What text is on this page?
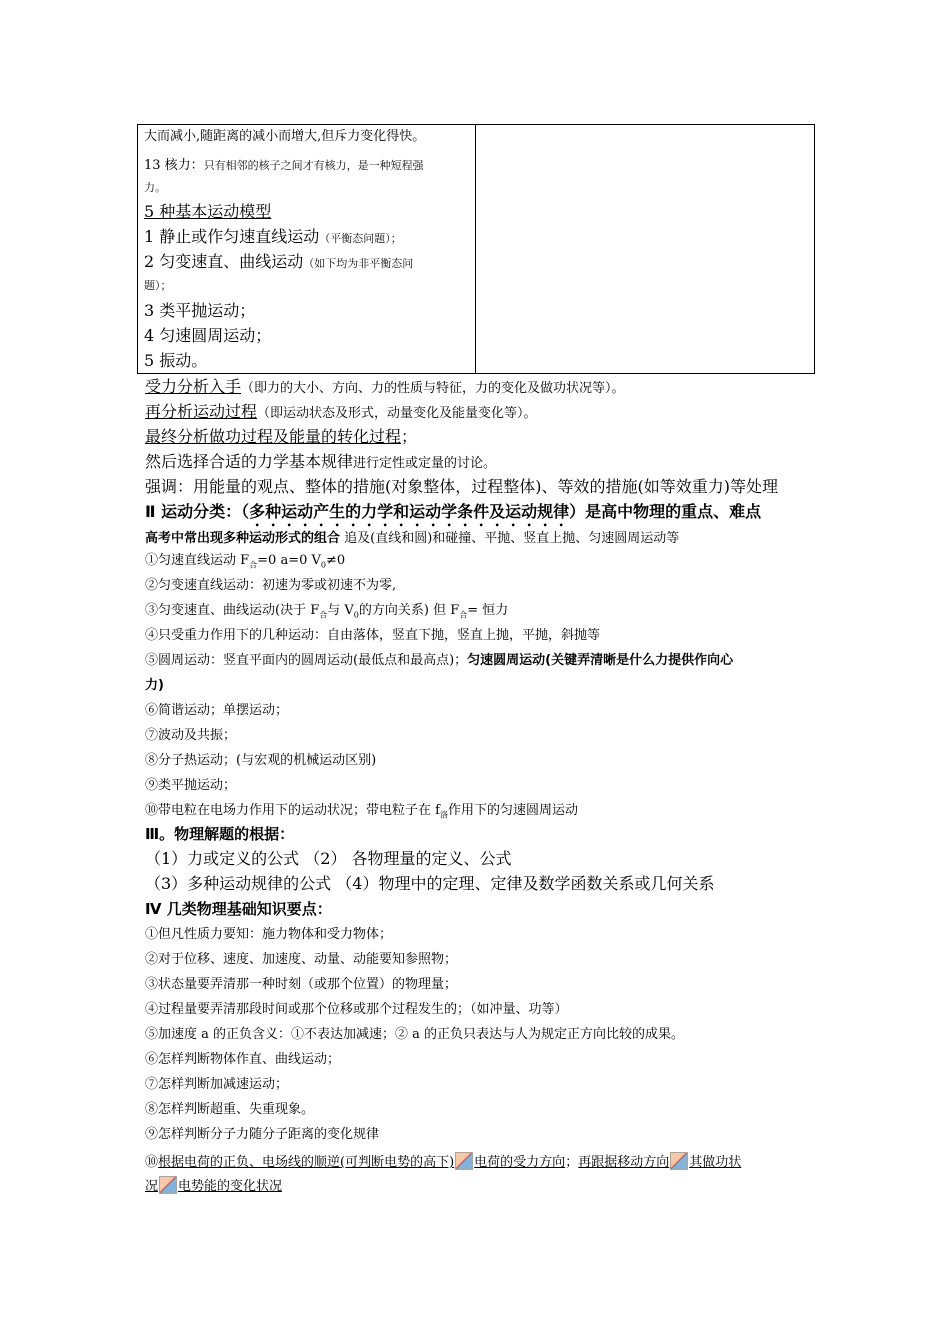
大而减小,随距离的减小而增大,但斥力变化得快。
13 核力：只有相邻的核子之间才有核力，是一种短程强
力。
5 种基本运动模型
1 静止或作匀速直线运动（平衡态问题）；
2 匀变速直、曲线运动（如下均为非平衡态问
题）；
3 类平抛运动；
4 匀速圆周运动；
5 振动。
受力分析入手（即力的大小、方向、力的性质与特征，力的变化及做功状况等）。
再分析运动过程（即运动状态及形式，动量变化及能量变化等）。
最终分析做功过程及能量的转化过程；
然后选择合适的力学基本规律进行定性或定量的讨论。
强调：用能量的观点、整体的措施(对象整体，过程整体)、等效的措施(如等效重力)等处理
Ⅱ 运动分类：（多种运动产生的力学和运动学条件及运动规律）是高中物理的重点、难点
高考中常出现多种运动形式的组合 追及(直线和圆)和碰撞、平抛、竖直上抛、匀速圆周运动等
①匀速直线运动 $F_合=0$ a=0 $V_0\ne 0$
②匀变速直线运动：初速为零或初速不为零,
③匀变速直、曲线运动(决于 $F_合$与 $V_0$的方向关系) 但 $F_合=$ 恒力
④只受重力作用下的几种运动：自由落体，竖直下抛，竖直上抛，平抛，斜抛等
⑤圆周运动：竖直平面内的圆周运动(最低点和最高点)；匀速圆周运动(关键弄清晰是什么力提供作向心
力)
⑥简谐运动；单摆运动；
⑦波动及共振；
⑧分子热运动；(与宏观的机械运动区别)
⑨类平抛运动；
⑩带电粒在电场力作用下的运动状况；带电粒子在 $f_洛$作用下的匀速圆周运动
Ⅲ。物理解题的根据：
（1）力或定义的公式 （2） 各物理量的定义、公式
（3）多种运动规律的公式 （4）物理中的定理、定律及数学函数关系或几何关系
Ⅳ 几类物理基础知识要点：
①但凡性质力要知：施力物体和受力物体；
②对于位移、速度、加速度、动量、动能要知参照物；
③状态量要弄清那一种时刻（或那个位置）的物理量；
④过程量要弄清那段时间或那个位移或那个过程发生的；（如冲量、功等）
⑤加速度 a 的正负含义：①不表达加减速；② a 的正负只表达与人为规定正方向比较的成果。
⑥怎样判断物体作直、曲线运动；
⑦怎样判断加减速运动；
⑧怎样判断超重、失重现象。
⑨怎样判断分子力随分子距离的变化规律
⑩根据电荷的正负、电场线的顺逆(可判断电势的高下) 电荷的受力方向；再跟据移动方向 其做功状
况 电势能的变化状况
